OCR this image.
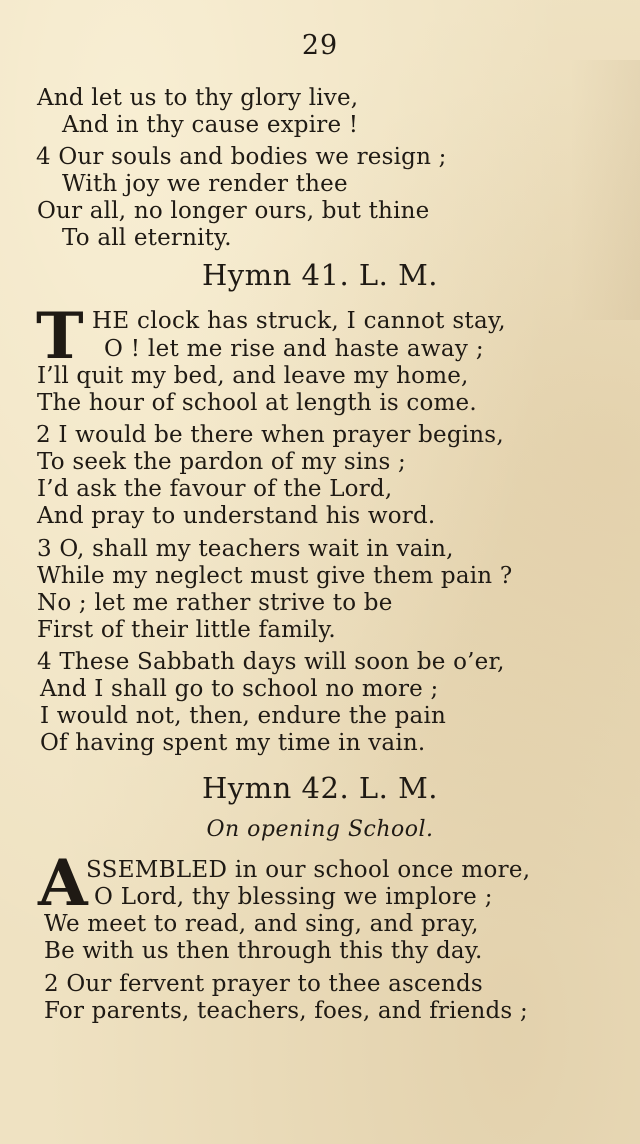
29
And let us to thy glory live,
And in thy cause expire !
4 Our souls and bodies we resign ;
With joy we render thee
Our all, no longer ours, but thine
To all eternity.
Hymn 41. L. M.
T HE clock has struck, I cannot stay,
O ! let me rise and haste away ;
I’ll quit my bed, and leave my home,
The hour of school at length is come.
2 I would be there when prayer begins,
To seek the pardon of my sins ;
I’d ask the favour of the Lord,
And pray to understand his word.
3 O, shall my teachers wait in vain,
While my neglect must give them pain ?
No ; let me rather strive to be
First of their little family.
4 These Sabbath days will soon be o’er,
And I shall go to school no more ;
I would not, then, endure the pain
Of having spent my time in vain.
Hymn 42. L. M.
On opening School.
A
SSEMBLED in our school once more,
O Lord, thy blessing we implore ;
We meet to read, and sing, and pray,
Be with us then through this thy day.
2 Our fervent prayer to thee ascends
For parents, teachers, foes, and friends ;
